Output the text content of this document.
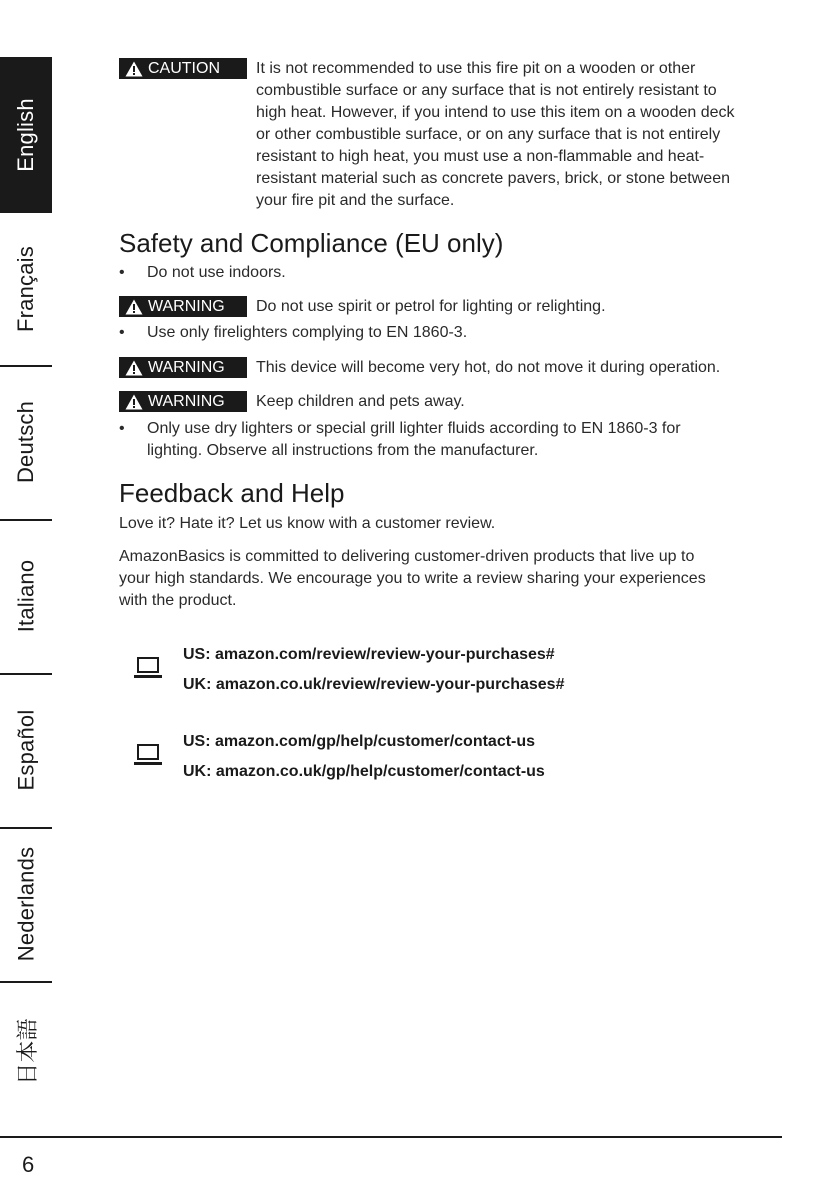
English
Français
Deutsch
Italiano
Español
Nederlands
日本語
CAUTION It is not recommended to use this fire pit on a wooden or other
combustible surface or any surface that is not entirely resistant to
high heat. However, if you intend to use this item on a wooden deck
or other combustible surface, or on any surface that is not entirely
resistant to high heat, you must use a non-flammable and heat-
resistant material such as concrete pavers, brick, or stone between
your fire pit and the surface.
Safety and Compliance (EU only)
• Do not use indoors.
WARNING Do not use spirit or petrol for lighting or relighting.
• Use only firelighters complying to EN 1860-3.
WARNING This device will become very hot, do not move it during operation.
WARNING Keep children and pets away.
• Only use dry lighters or special grill lighter fluids according to EN 1860-3 for
lighting. Observe all instructions from the manufacturer.
Feedback and Help
Love it? Hate it? Let us know with a customer review.
AmazonBasics is committed to delivering customer-driven products that live up to
your high standards. We encourage you to write a review sharing your experiences
with the product.
US: amazon.com/review/review-your-purchases#
UK: amazon.co.uk/review/review-your-purchases#
US: amazon.com/gp/help/customer/contact-us
UK: amazon.co.uk/gp/help/customer/contact-us
6
